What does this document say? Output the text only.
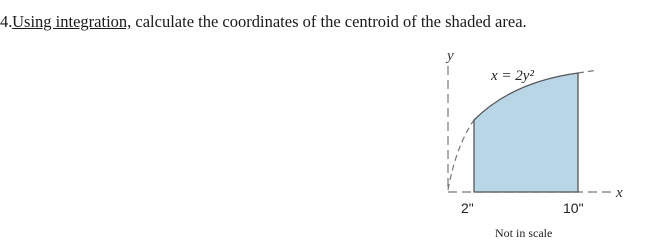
4. Using integration, calculate the coordinates of the centroid of the shaded area.

y
x
x = 2y²
2"	10"
Not in scale
